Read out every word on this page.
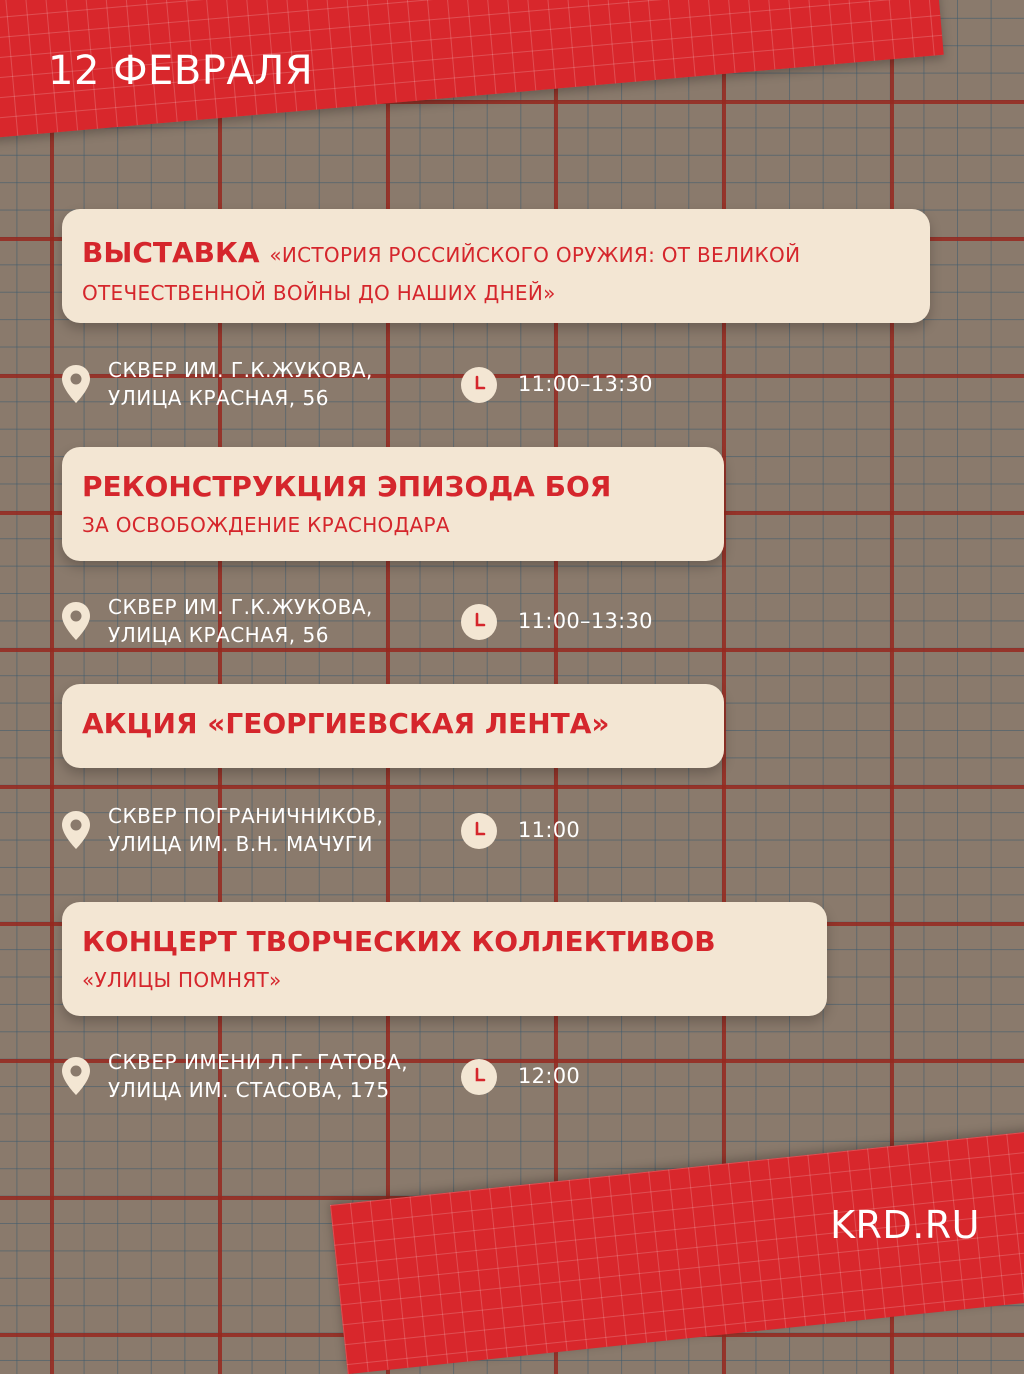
12 ФЕВРАЛЯ
ВЫСТАВКА «ИСТОРИЯ РОССИЙСКОГО ОРУЖИЯ: ОТ ВЕЛИКОЙ
ОТЕЧЕСТВЕННОЙ ВОЙНЫ ДО НАШИХ ДНЕЙ»
СКВЕР ИМ. Г.К.ЖУКОВА,
УЛИЦА КРАСНАЯ, 56
11:00–13:30
РЕКОНСТРУКЦИЯ ЭПИЗОДА БОЯ
ЗА ОСВОБОЖДЕНИЕ КРАСНОДАРА
СКВЕР ИМ. Г.К.ЖУКОВА,
УЛИЦА КРАСНАЯ, 56
11:00–13:30
АКЦИЯ «ГЕОРГИЕВСКАЯ ЛЕНТА»
СКВЕР ПОГРАНИЧНИКОВ,
УЛИЦА ИМ. В.Н. МАЧУГИ
11:00
КОНЦЕРТ ТВОРЧЕСКИХ КОЛЛЕКТИВОВ
«УЛИЦЫ ПОМНЯТ»
СКВЕР ИМЕНИ Л.Г. ГАТОВА,
УЛИЦА ИМ. СТАСОВА, 175
12:00
KRD.RU
